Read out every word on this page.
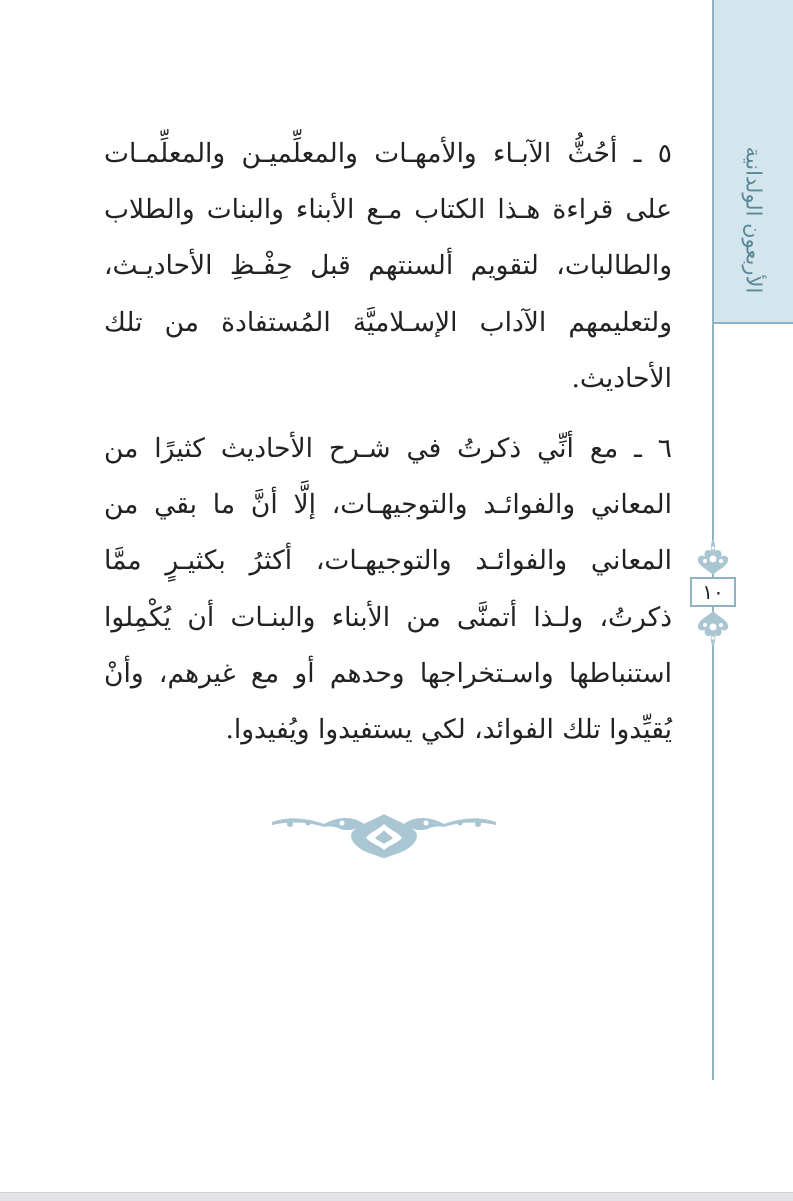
الأربعون الولدانية
١٠

٥ ـ أحُثُّ الآبـاء والأمهـات والمعلِّميـن والمعلِّمـات على قراءة هـذا الكتاب مـع الأبناء والبنات والطلاب والطالبات، لتقويم ألسنتهم قبل حِفْـظِ الأحاديـث، ولتعليمهم الآداب الإسـلاميَّة المُستفادة من تلك الأحاديث.

٦ ـ مع أنِّي ذكرتُ في شـرح الأحاديث كثيرًا من المعاني والفوائـد والتوجيهـات، إلَّا أنَّ ما بقي من المعاني والفوائـد والتوجيهـات، أكثرُ بكثيـرٍ ممَّا ذكرتُ، ولـذا أتمنَّى من الأبناء والبنـات أن يُكْمِلوا استنباطها واسـتخراجها وحدهم أو مع غيرهم، وأنْ يُقيِّدوا تلك الفوائد، لكي يستفيدوا ويُفيدوا.
